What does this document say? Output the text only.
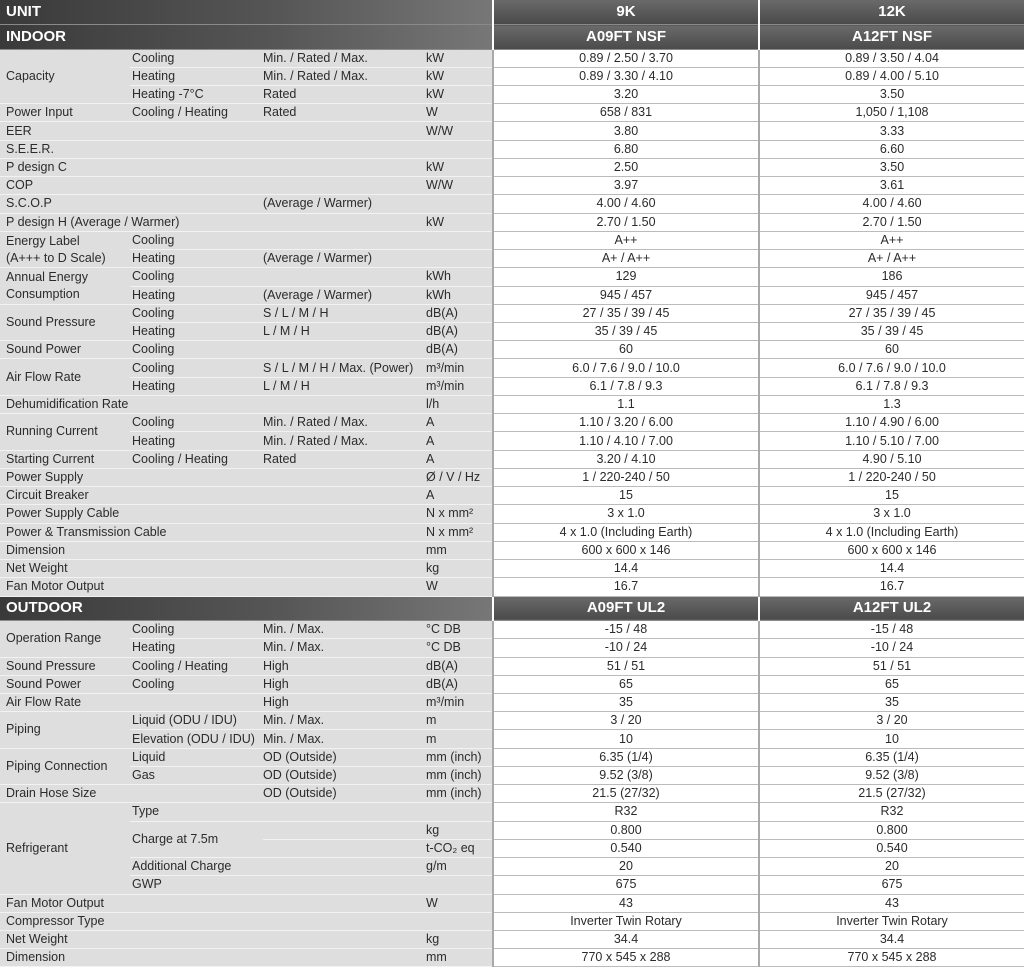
UNIT				9K	12K
INDOOR				A09FT NSF	A12FT NSF
Capacity	Cooling	Min. / Rated / Max.	kW	0.89 / 2.50 / 3.70	0.89 / 3.50 / 4.04
	Heating	Min. / Rated / Max.	kW	0.89 / 3.30 / 4.10	0.89 / 4.00 / 5.10
	Heating -7°C	Rated	kW	3.20	3.50
Power Input	Cooling / Heating	Rated	W	658 / 831	1,050 / 1,108
EER			W/W	3.80	3.33
S.E.E.R.				6.80	6.60
P design C			kW	2.50	3.50
COP			W/W	3.97	3.61
S.C.O.P		(Average / Warmer)		4.00 / 4.60	4.00 / 4.60
P design H (Average / Warmer)			kW	2.70 / 1.50	2.70 / 1.50

Energy Label
(A+++ to D Scale)	Cooling			A++	A++
	Heating	(Average / Warmer)		A+ / A++	A+ / A++

Annual Energy
Consumption	Cooling		kWh	129	186
	Heating	(Average / Warmer)	kWh	945 / 457	945 / 457
Sound Pressure	Cooling	S / L / M / H	dB(A)	27 / 35 / 39 / 45	27 / 35 / 39 / 45
	Heating	L / M / H	dB(A)	35 / 39 / 45	35 / 39 / 45
Sound Power	Cooling		dB(A)	60	60
Air Flow Rate	Cooling	S / L / M / H / Max. (Power)	m³/min	6.0 / 7.6 / 9.0 / 10.0	6.0 / 7.6 / 9.0 / 10.0
	Heating	L / M / H	m³/min	6.1 / 7.8 / 9.3	6.1 / 7.8 / 9.3
Dehumidification Rate			l/h	1.1	1.3
Running Current	Cooling	Min. / Rated / Max.	A	1.10 / 3.20 / 6.00	1.10 / 4.90 / 6.00
	Heating	Min. / Rated / Max.	A	1.10 / 4.10 / 7.00	1.10 / 5.10 / 7.00
Starting Current	Cooling / Heating	Rated	A	3.20 / 4.10	4.90 / 5.10
Power Supply			Ø / V / Hz	1 / 220-240 / 50	1 / 220-240 / 50
Circuit Breaker			A	15	15
Power Supply Cable			N x mm²	3 x 1.0	3 x 1.0
Power & Transmission Cable			N x mm²	4 x 1.0 (Including Earth)	4 x 1.0 (Including Earth)
Dimension			mm	600 x 600 x 146	600 x 600 x 146
Net Weight			kg	14.4	14.4
Fan Motor Output			W	16.7	16.7
OUTDOOR				A09FT UL2	A12FT UL2
Operation Range	Cooling	Min. / Max.	°C DB	-15 / 48	-15 / 48
	Heating	Min. / Max.	°C DB	-10 / 24	-10 / 24
Sound Pressure	Cooling / Heating	High	dB(A)	51 / 51	51 / 51
Sound Power	Cooling	High	dB(A)	65	65
Air Flow Rate		High	m³/min	35	35
Piping	Liquid (ODU / IDU)	Min. / Max.	m	3 / 20	3 / 20
	Elevation (ODU / IDU)	Min. / Max.	m	10	10
Piping Connection	Liquid	OD (Outside)	mm (inch)	6.35 (1/4)	6.35 (1/4)
	Gas	OD (Outside)	mm (inch)	9.52 (3/8)	9.52 (3/8)
Drain Hose Size		OD (Outside)	mm (inch)	21.5 (27/32)	21.5 (27/32)
Refrigerant	Type			R32	R32
	Charge at 7.5m		kg	0.800	0.800
			t-CO₂ eq	0.540	0.540
	Additional Charge		g/m	20	20
	GWP			675	675
Fan Motor Output			W	43	43
Compressor Type				Inverter Twin Rotary	Inverter Twin Rotary
Net Weight			kg	34.4	34.4
Dimension			mm	770 x 545 x 288	770 x 545 x 288
